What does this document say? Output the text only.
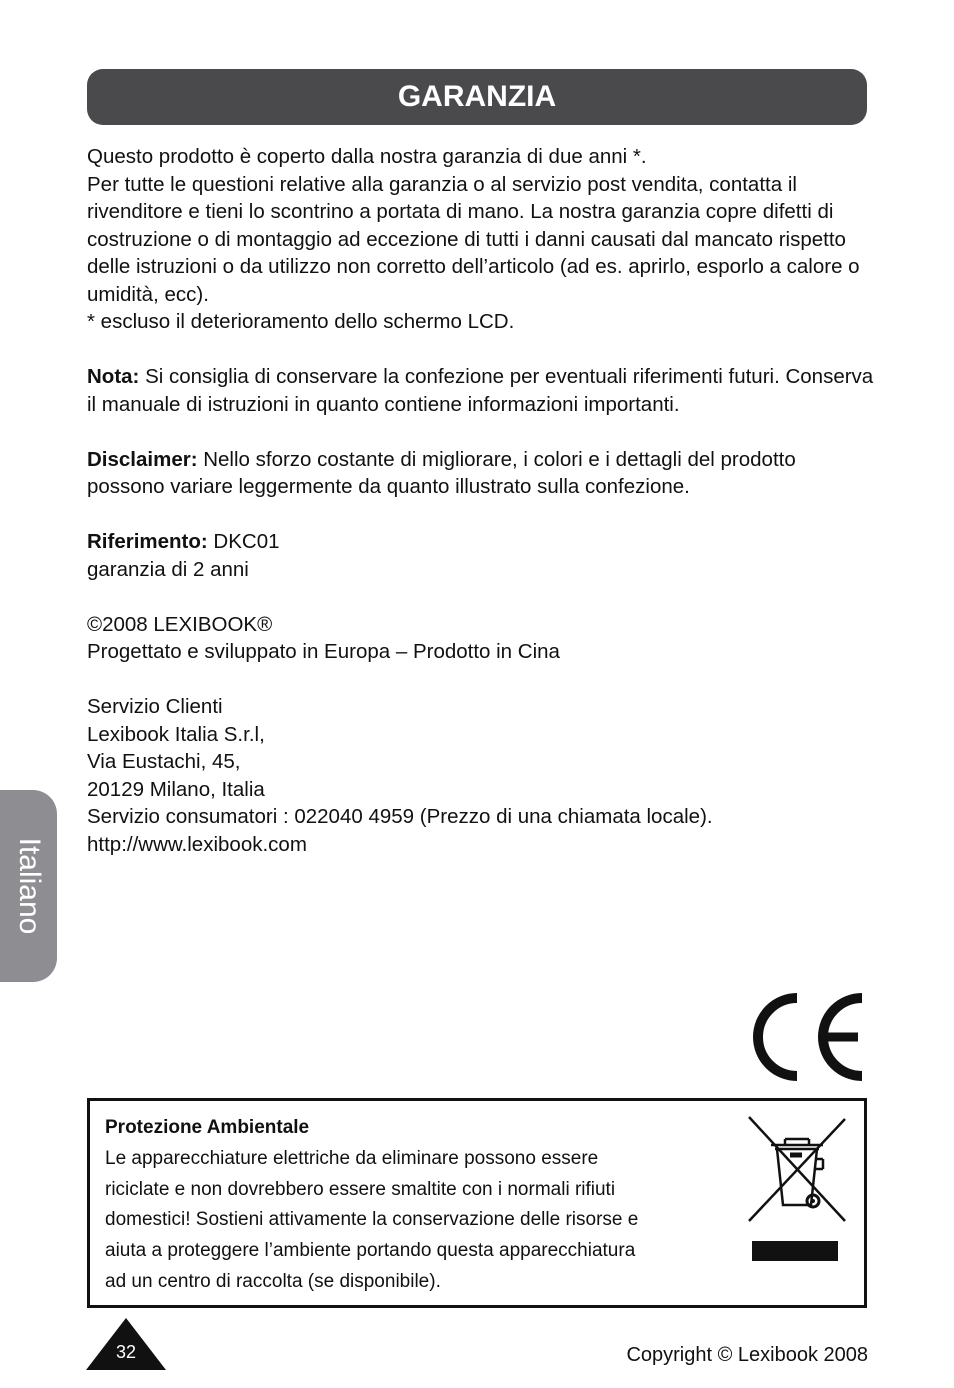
GARANZIA

Questo prodotto è coperto dalla nostra garanzia di due anni *.

Per tutte le questioni relative alla garanzia o al servizio post vendita, contatta il rivenditore e tieni lo scontrino a portata di mano. La nostra garanzia copre difetti di costruzione o di montaggio ad eccezione di tutti i danni causati dal mancato rispetto delle istruzioni o da utilizzo non corretto dell’articolo (ad es. aprirlo, esporlo a calore o umidità, ecc).

* escluso il deterioramento dello schermo LCD.

Nota: Si consiglia di conservare la confezione per eventuali riferimenti futuri. Conserva il manuale di istruzioni in quanto contiene informazioni importanti.

Disclaimer: Nello sforzo costante di migliorare, i colori e i dettagli del prodotto possono variare leggermente da quanto illustrato sulla confezione.

Riferimento: DKC01

garanzia di 2 anni

©2008 LEXIBOOK®

Progettato e sviluppato in Europa – Prodotto in Cina

Servizio Clienti

Lexibook Italia S.r.l,

Via Eustachi, 45,

20129 Milano, Italia

Servizio consumatori : 022040 4959 (Prezzo di una chiamata locale).

http://www.lexibook.com

Italiano

Protezione Ambientale

Le apparecchiature elettriche da eliminare possono essere

riciclate e non dovrebbero essere smaltite con i normali rifiuti

domestici! Sostieni attivamente la conservazione delle risorse e

aiuta a proteggere l’ambiente portando questa apparecchiatura

ad un centro di raccolta (se disponibile).

32	Copyright © Lexibook 2008
